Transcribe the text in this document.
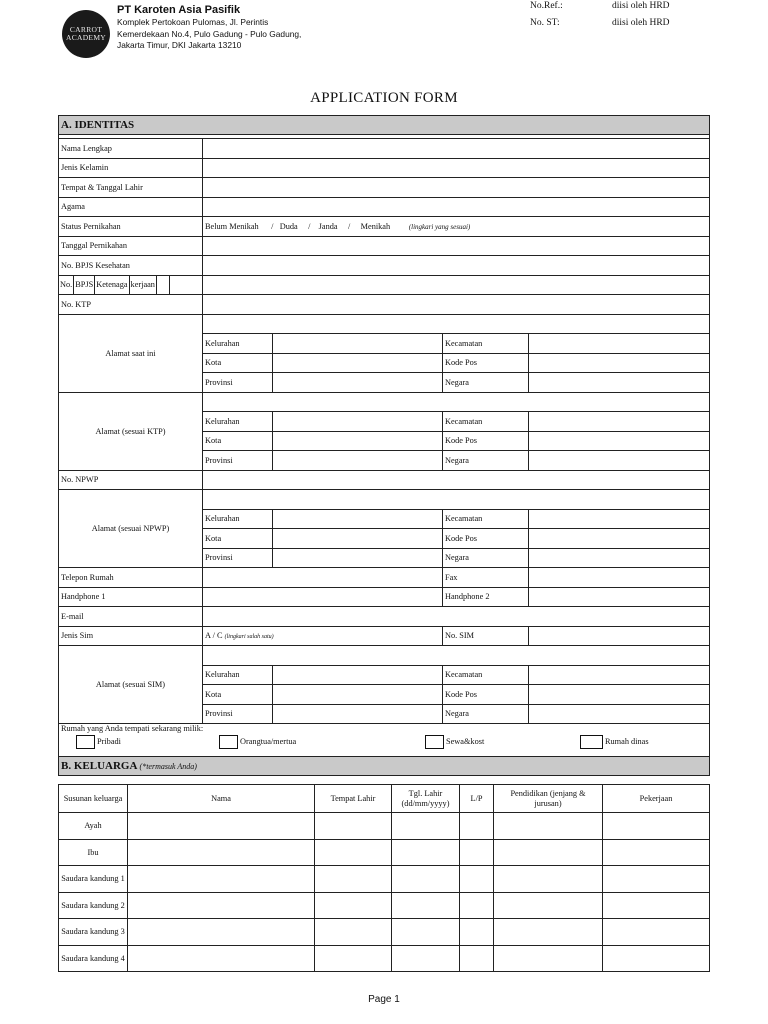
CARROT
ACADEMY
PT Karoten Asia Pasifik
Komplek Pertokoan Pulomas, Jl. Perintis
Kemerdekaan No.4, Pulo Gadung - Pulo Gadung,
Jakarta Timur, DKI Jakarta 13210
No.Ref.:	diisi oleh HRD
No. ST:	diisi oleh HRD
APPLICATION FORM
A. IDENTITAS				

Nama Lengkap				
Jenis Kelamin				
Tempat & Tanggal Lahir				
Agama				
Status Pernikahan	Belum Menikah / Duda / Janda / Menikah (lingkari yang sesuai)			
Tanggal Pernikahan				
No. BPJS Kesehatan				

No. BPJS Ketenaga kerjaan				

No. KTP				
Alamat saat ini				
	Kelurahan		Kecamatan	
	Kota		Kode Pos	
	Provinsi		Negara	
Alamat (sesuai KTP)				
	Kelurahan		Kecamatan	
	Kota		Kode Pos	
	Provinsi		Negara	
No. NPWP				
Alamat (sesuai NPWP)				
	Kelurahan		Kecamatan	
	Kota		Kode Pos	
	Provinsi		Negara	
Telepon Rumah			Fax	
Handphone 1			Handphone 2	
E-mail				
Jenis Sim	A / C (lingkari salah satu)		No. SIM	
Alamat (sesuai SIM)				
	Kelurahan		Kecamatan	
	Kota		Kode Pos	
	Provinsi		Negara	

Rumah yang Anda tempati sekarang milik:
Pribadi Orangtua/mertua Sewa&kost Rumah dinas				

B. KELUARGA (*termasuk Anda)				
Susunan keluarga	Nama	Tempat Lahir	Tgl. Lahir (dd/mm/yyyy)	L/P	Pendidikan (jenjang & jurusan)	Pekerjaan
Ayah						
Ibu						
Saudara kandung 1						
Saudara kandung 2						
Saudara kandung 3						
Saudara kandung 4						
Page 1
